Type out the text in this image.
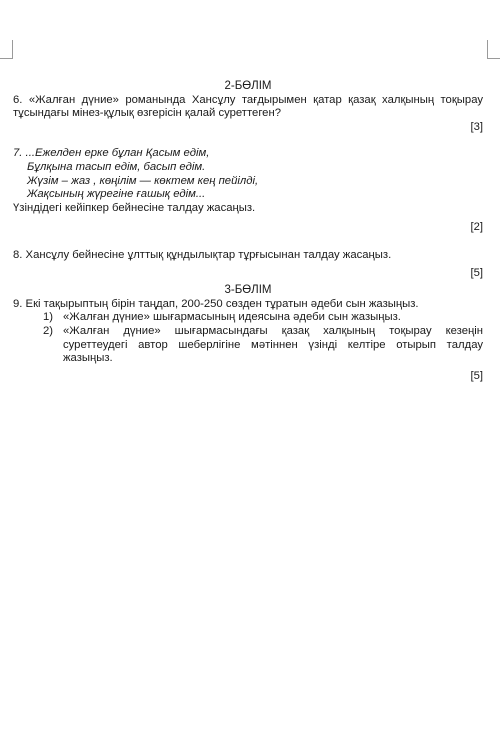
2-БӨЛІМ

6. «Жалған дүние» романында Хансұлу тағдырымен қатар қазақ халқының тоқырау тұсындағы мінез-құлық өзгерісін қалай суреттеген?

[3]

7. ...Ежелден ерке бұлан Қасым едім,
Бұлқына тасып едім, басып едім.
Жүзім – жаз , көңілім — көктем кең пейілді,
Жақсының жүрегіне ғашық едім...

Үзіндідегі кейіпкер бейнесіне талдау жасаңыз.

[2]

8. Хансұлу бейнесіне ұлттық құндылықтар тұрғысынан талдау жасаңыз.

[5]

3-БӨЛІМ

9. Екі тақырыптың бірін таңдап, 200-250 сөзден тұратын әдеби сын жазыңыз.

1) «Жалған дүние» шығармасының идеясына әдеби сын жазыңыз.
2) «Жалған дүние» шығармасындағы қазақ халқының тоқырау кезеңін суреттеудегі автор шеберлігіне мәтіннен үзінді келтіре отырып талдау жазыңыз.

[5]
